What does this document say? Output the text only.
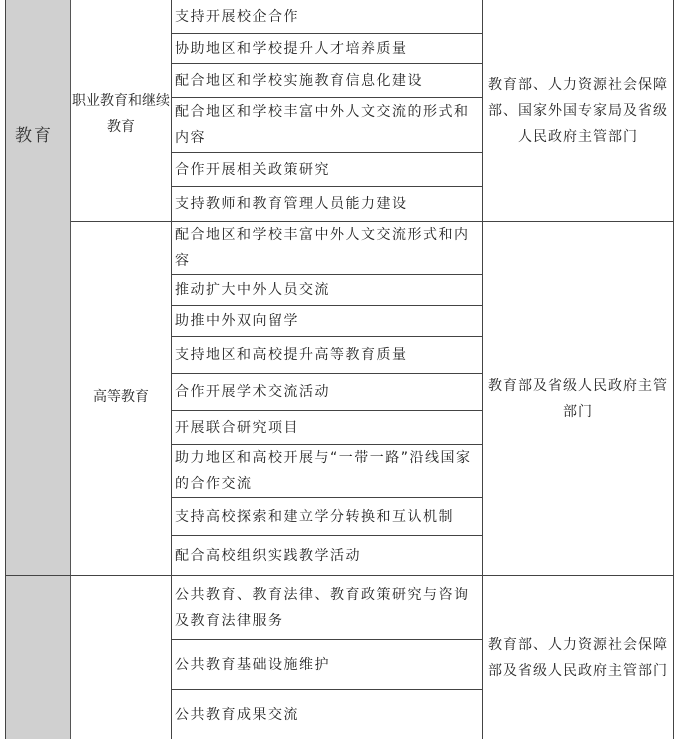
教育
职业教育和继续教育
支持开展校企合作
协助地区和学校提升人才培养质量
配合地区和学校实施教育信息化建设
配合地区和学校丰富中外人文交流的形式和内容
合作开展相关政策研究
支持教师和教育管理人员能力建设
教育部、人力资源社会保障部、国家外国专家局及省级人民政府主管部门
高等教育
配合地区和学校丰富中外人文交流形式和内容
推动扩大中外人员交流
助推中外双向留学
支持地区和高校提升高等教育质量
合作开展学术交流活动
开展联合研究项目
助力地区和高校开展与“一带一路”沿线国家的合作交流
支持高校探索和建立学分转换和互认机制
配合高校组织实践教学活动
教育部及省级人民政府主管部门
公共教育、教育法律、教育政策研究与咨询及教育法律服务
公共教育基础设施维护
公共教育成果交流
教育部、人力资源社会保障部及省级人民政府主管部门
